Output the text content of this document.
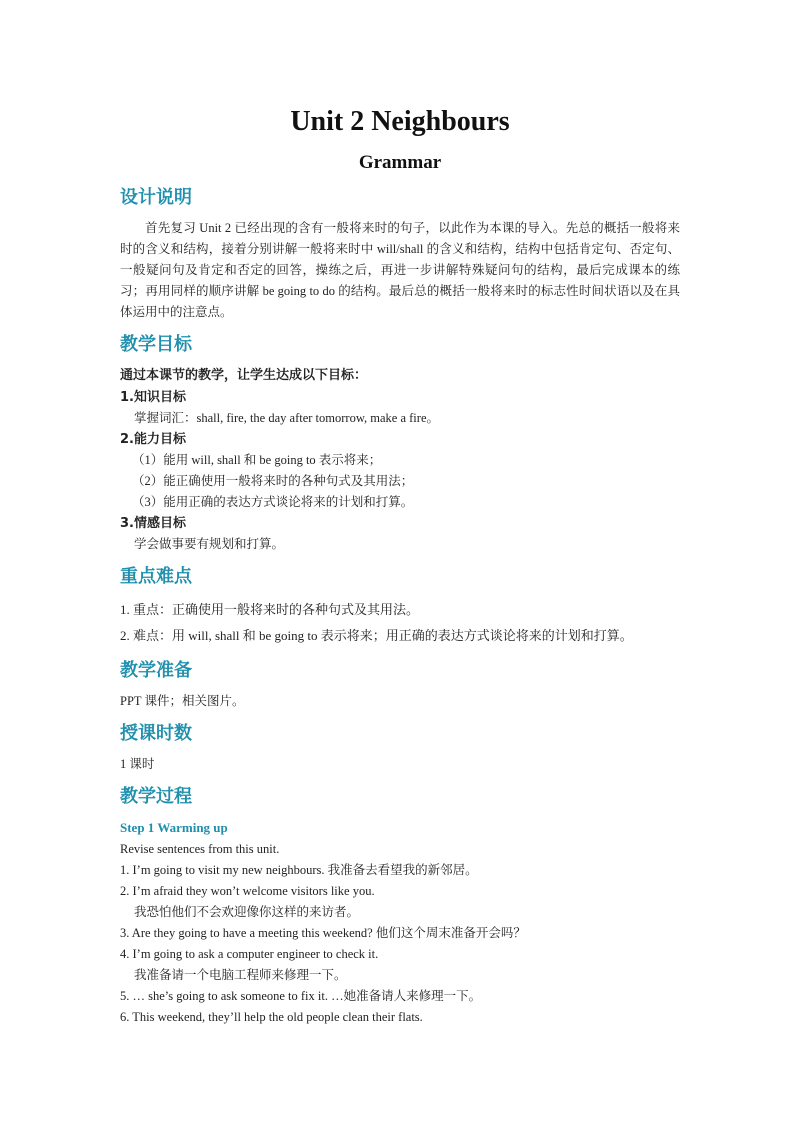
Unit 2 Neighbours
Grammar
设计说明

首先复习 Unit 2 已经出现的含有一般将来时的句子，以此作为本课的导入。先总的概括一般将来时的含义和结构，接着分别讲解一般将来时中 will/shall 的含义和结构，结构中包括肯定句、否定句、一般疑问句及肯定和否定的回答，操练之后，再进一步讲解特殊疑问句的结构，最后完成课本的练习；再用同样的顺序讲解 be going to do 的结构。最后总的概括一般将来时的标志性时间状语以及在具体运用中的注意点。

教学目标

通过本课节的教学，让学生达成以下目标：

1.知识目标

掌握词汇：shall, fire, the day after tomorrow, make a fire。

2.能力目标

（1）能用 will, shall 和 be going to 表示将来；

（2）能正确使用一般将来时的各种句式及其用法；

（3）能用正确的表达方式谈论将来的计划和打算。

3.情感目标

学会做事要有规划和打算。

重点难点

1. 重点：正确使用一般将来时的各种句式及其用法。

2. 难点：用 will, shall 和 be going to 表示将来；用正确的表达方式谈论将来的计划和打算。

教学准备

PPT 课件；相关图片。

授课时数

1 课时

教学过程

Step 1 Warming up

Revise sentences from this unit.

1. I’m going to visit my new neighbours. 我准备去看望我的新邻居。

2. I’m afraid they won’t welcome visitors like you.

我恐怕他们不会欢迎像你这样的来访者。

3. Are they going to have a meeting this weekend? 他们这个周末准备开会吗？

4. I’m going to ask a computer engineer to check it.

我准备请一个电脑工程师来修理一下。

5. … she’s going to ask someone to fix it. …她准备请人来修理一下。

6. This weekend, they’ll help the old people clean their flats.
